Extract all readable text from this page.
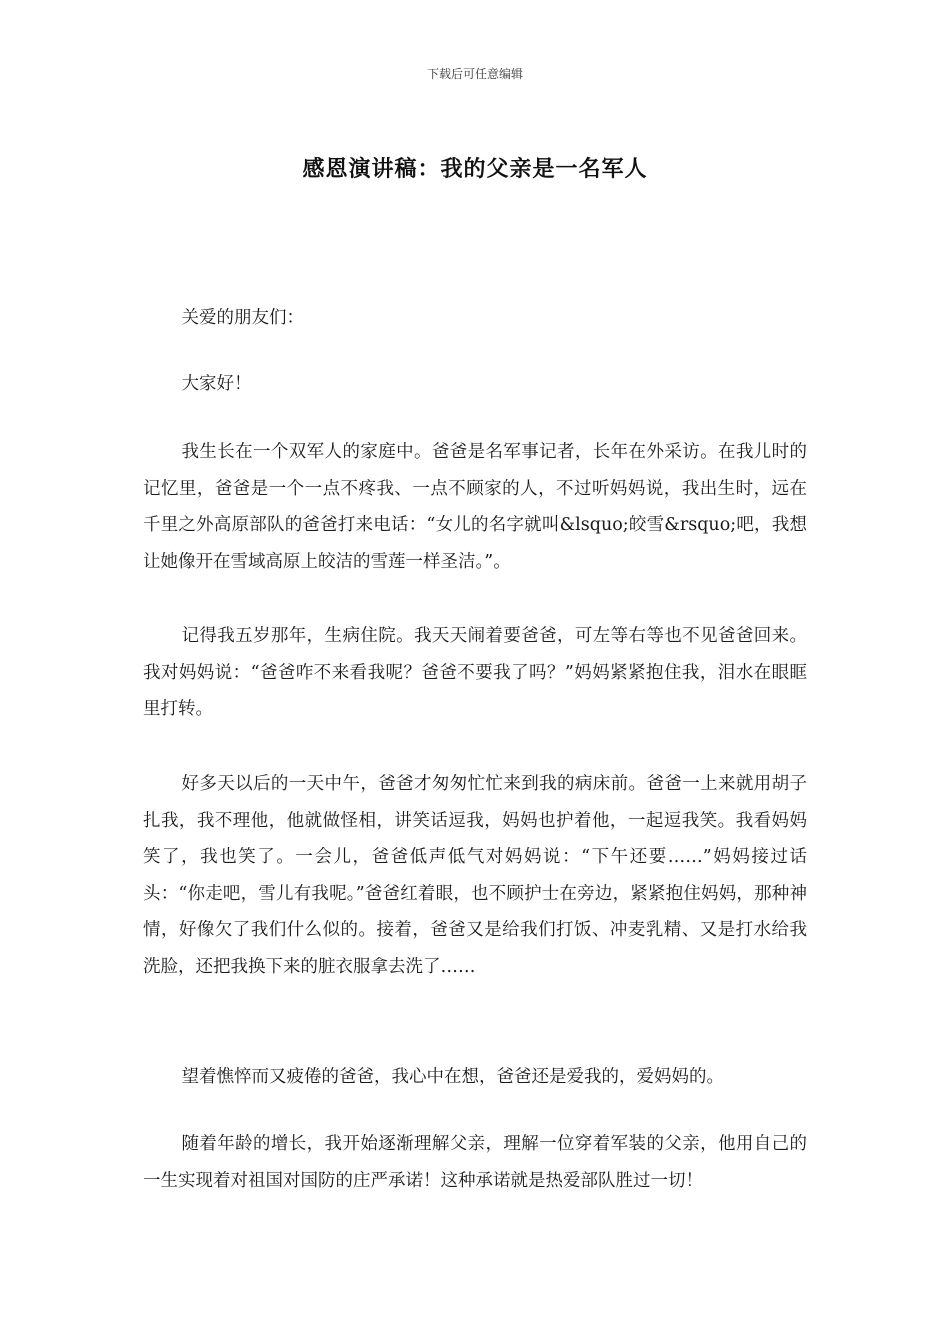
下载后可任意编辑
感恩演讲稿：我的父亲是一名军人

关爱的朋友们：

大家好！

我生长在一个双军人的家庭中。爸爸是名军事记者，长年在外采访。在我儿时的记忆里，爸爸是一个一点不疼我、一点不顾家的人，不过听妈妈说，我出生时，远在千里之外高原部队的爸爸打来电话：“女儿的名字就叫&lsquo;皎雪&rsquo;吧，我想让她像开在雪域高原上皎洁的雪莲一样圣洁。”。

记得我五岁那年，生病住院。我天天闹着要爸爸，可左等右等也不见爸爸回来。我对妈妈说：“爸爸咋不来看我呢？爸爸不要我了吗？”妈妈紧紧抱住我，泪水在眼眶里打转。

好多天以后的一天中午，爸爸才匆匆忙忙来到我的病床前。爸爸一上来就用胡子扎我，我不理他，他就做怪相，讲笑话逗我，妈妈也护着他，一起逗我笑。我看妈妈笑了，我也笑了。一会儿，爸爸低声低气对妈妈说：“下午还要……”妈妈接过话头：“你走吧，雪儿有我呢。”爸爸红着眼，也不顾护士在旁边，紧紧抱住妈妈，那种神情，好像欠了我们什么似的。接着，爸爸又是给我们打饭、冲麦乳精、又是打水给我洗脸，还把我换下来的脏衣服拿去洗了……

望着憔悴而又疲倦的爸爸，我心中在想，爸爸还是爱我的，爱妈妈的。

随着年龄的增长，我开始逐渐理解父亲，理解一位穿着军装的父亲，他用自己的一生实现着对祖国对国防的庄严承诺！这种承诺就是热爱部队胜过一切！
